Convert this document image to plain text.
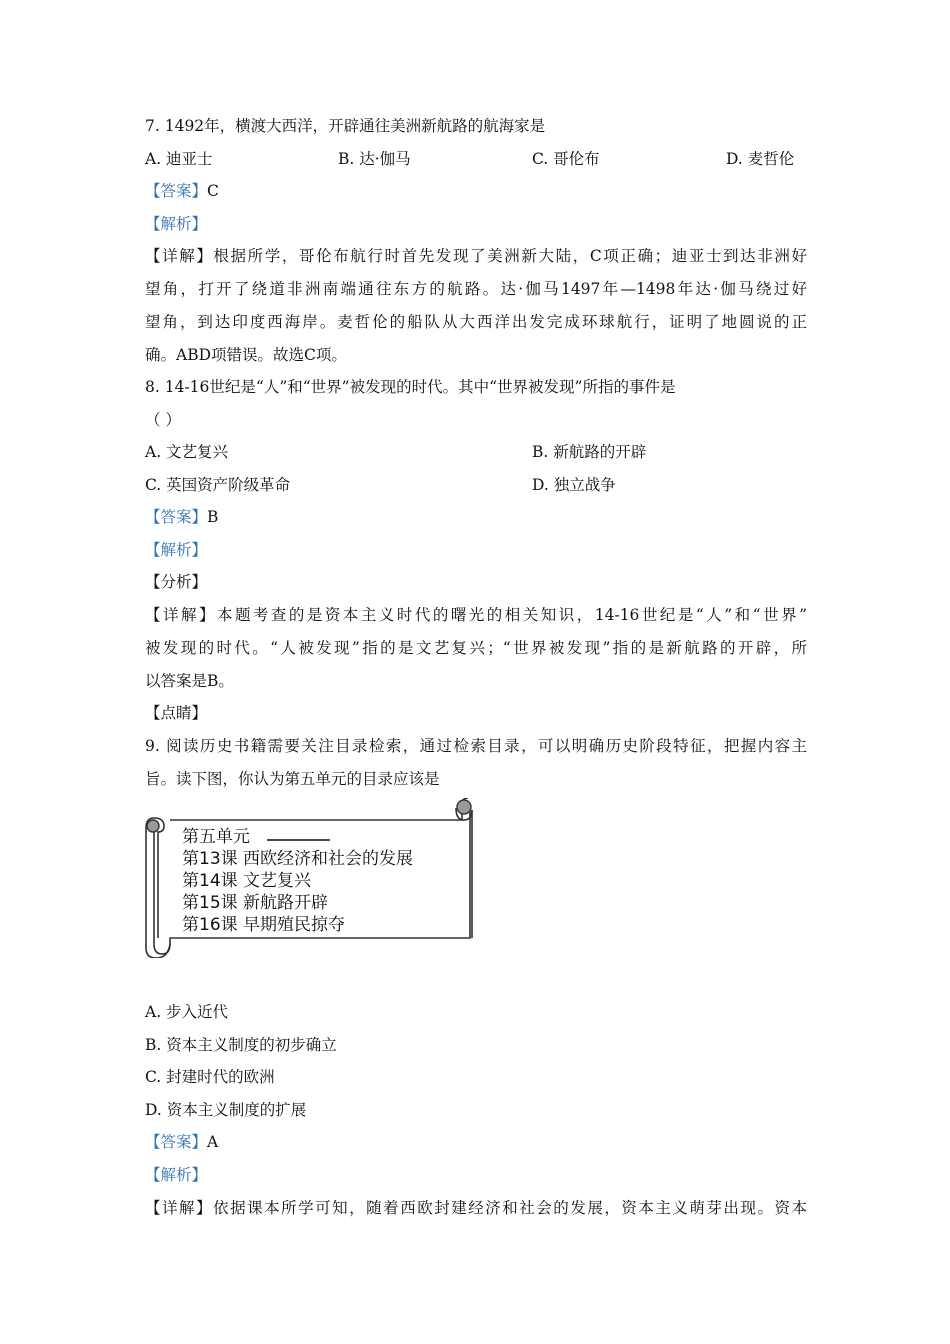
7. 1492年，横渡大西洋，开辟通往美洲新航路的航海家是
A. 迪亚士	B. 达·伽马	C. 哥伦布	D. 麦哲伦
【答案】C
【解析】
【详解】根据所学，哥伦布航行时首先发现了美洲新大陆，C项正确；迪亚士到达非洲好
望角，打开了绕道非洲南端通往东方的航路。达·伽马1497年—1498年达·伽马绕过好
望角，到达印度西海岸。麦哲伦的船队从大西洋出发完成环球航行，证明了地圆说的正
确。ABD项错误。故选C项。
8. 14-16世纪是“人”和“世界”被发现的时代。其中“世界被发现”所指的事件是
（ ）
A. 文艺复兴	B. 新航路的开辟
C. 英国资产阶级革命	D. 独立战争
【答案】B
【解析】
【分析】
【详解】本题考查的是资本主义时代的曙光的相关知识，14-16世纪是“人”和“世界”
被发现的时代。“人被发现”指的是文艺复兴；“世界被发现”指的是新航路的开辟，所
以答案是B。
【点睛】
9. 阅读历史书籍需要关注目录检索，通过检索目录，可以明确历史阶段特征，把握内容主
旨。读下图，你认为第五单元的目录应该是
第五单元
第13课 西欧经济和社会的发展
第14课 文艺复兴
第15课 新航路开辟
第16课 早期殖民掠夺
A. 步入近代
B. 资本主义制度的初步确立
C. 封建时代的欧洲
D. 资本主义制度的扩展
【答案】A
【解析】
【详解】依据课本所学可知，随着西欧封建经济和社会的发展，资本主义萌芽出现。资本
